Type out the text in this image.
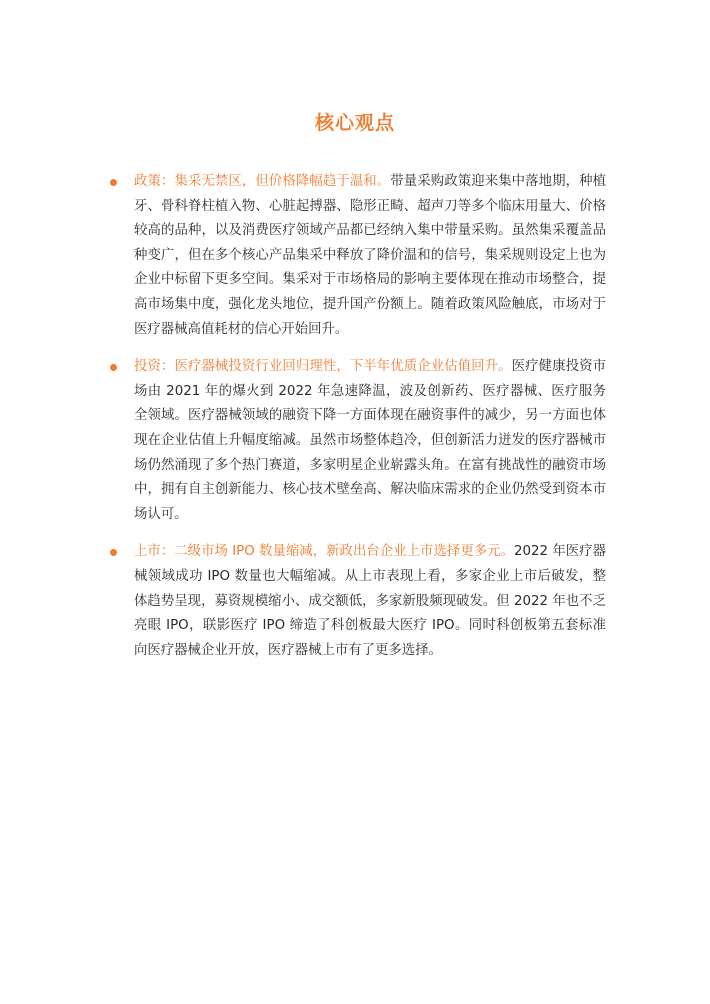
核心观点
政策：集采无禁区，但价格降幅趋于温和。带量采购政策迎来集中落地期，种植牙、骨科脊柱植入物、心脏起搏器、隐形正畸、超声刀等多个临床用量大、价格较高的品种，以及消费医疗领域产品都已经纳入集中带量采购。虽然集采覆盖品种变广，但在多个核心产品集采中释放了降价温和的信号，集采规则设定上也为企业中标留下更多空间。集采对于市场格局的影响主要体现在推动市场整合，提高市场集中度，强化龙头地位，提升国产份额上。随着政策风险触底，市场对于医疗器械高值耗材的信心开始回升。
投资：医疗器械投资行业回归理性，下半年优质企业估值回升。医疗健康投资市场由 2021 年的爆火到 2022 年急速降温，波及创新药、医疗器械、医疗服务全领域。医疗器械领域的融资下降一方面体现在融资事件的减少，另一方面也体现在企业估值上升幅度缩减。虽然市场整体趋冷，但创新活力迸发的医疗器械市场仍然涌现了多个热门赛道，多家明星企业崭露头角。在富有挑战性的融资市场中，拥有自主创新能力、核心技术壁垒高、解决临床需求的企业仍然受到资本市场认可。
上市：二级市场 IPO 数量缩减，新政出台企业上市选择更多元。2022 年医疗器械领域成功 IPO 数量也大幅缩减。从上市表现上看，多家企业上市后破发，整体趋势呈现，募资规模缩小、成交额低，多家新股频现破发。但 2022 年也不乏亮眼 IPO，联影医疗 IPO 缔造了科创板最大医疗 IPO。同时科创板第五套标准向医疗器械企业开放，医疗器械上市有了更多选择。
